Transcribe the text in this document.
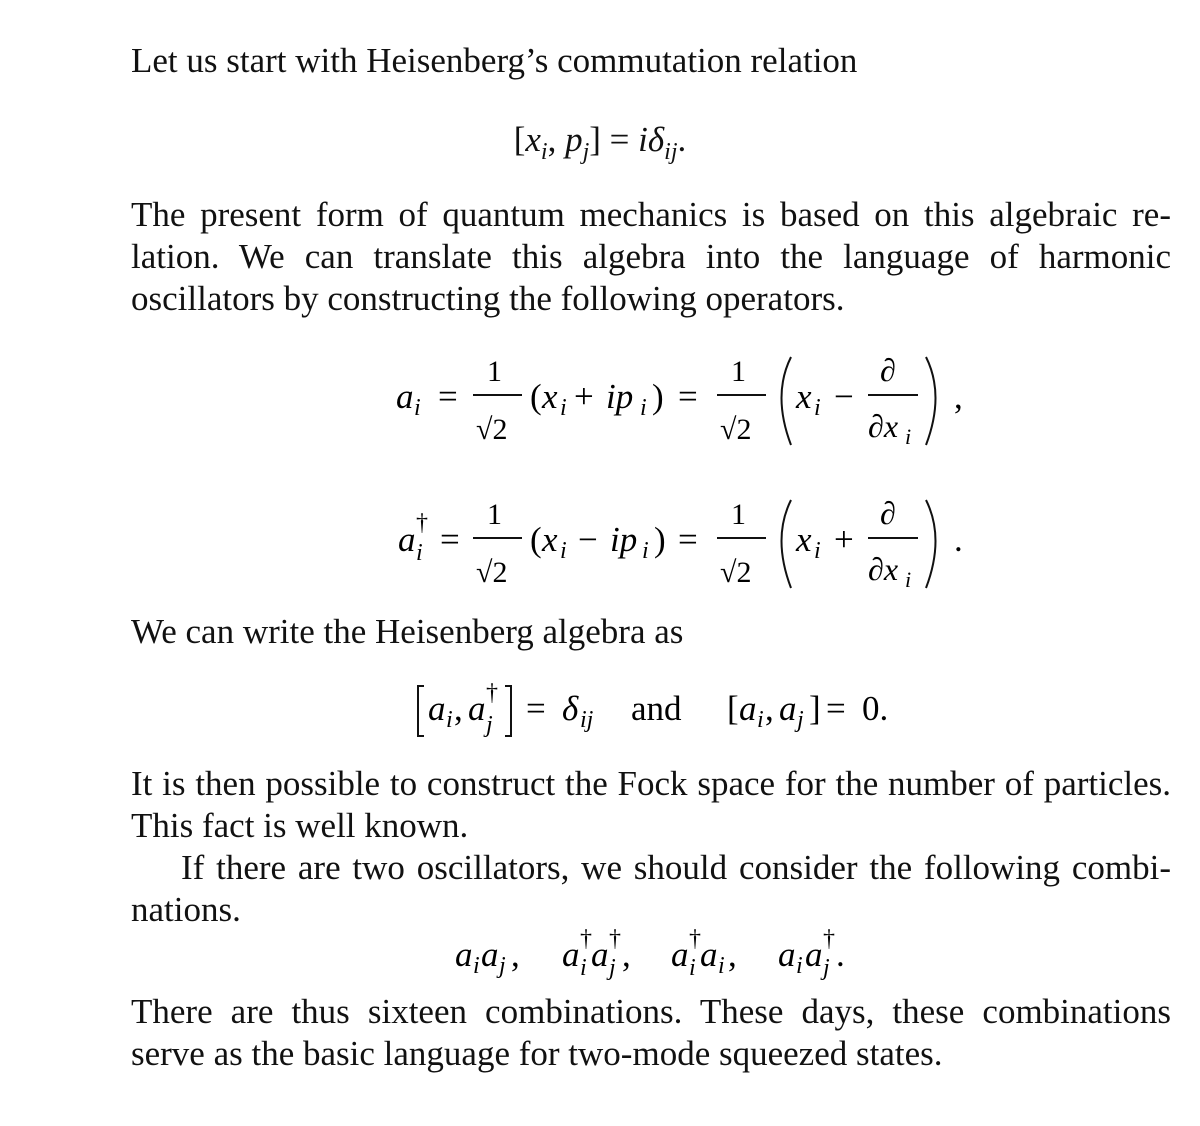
Let us start with Heisenberg’s commutation relation

[$x_i$, $p_j] = i\delta_{ij}$.

The present form of quantum mechanics is based on this algebraic relation. We can translate this algebra into the language of harmonic oscillators by constructing the following operators.

a i =
1
√2
( x i + ip i ) =
1
√2
x i −
∂
∂x i
,
a †
i =
1
√2
( x i − ip i ) =
1
√2
x i +
∂
∂x i
.

We can write the Heisenberg algebra as

a i , a †
j = δ ij and [ a i , a j ] = 0.

It is then possible to construct the Fock space for the number of particles. This fact is well known.

If there are two oscillators, we should consider the following combinations.

a i a j , a †
i a †
j , a †
i a i , a i a †
j .

There are thus sixteen combinations. These days, these combinations serve as the basic language for two-mode squeezed states.
